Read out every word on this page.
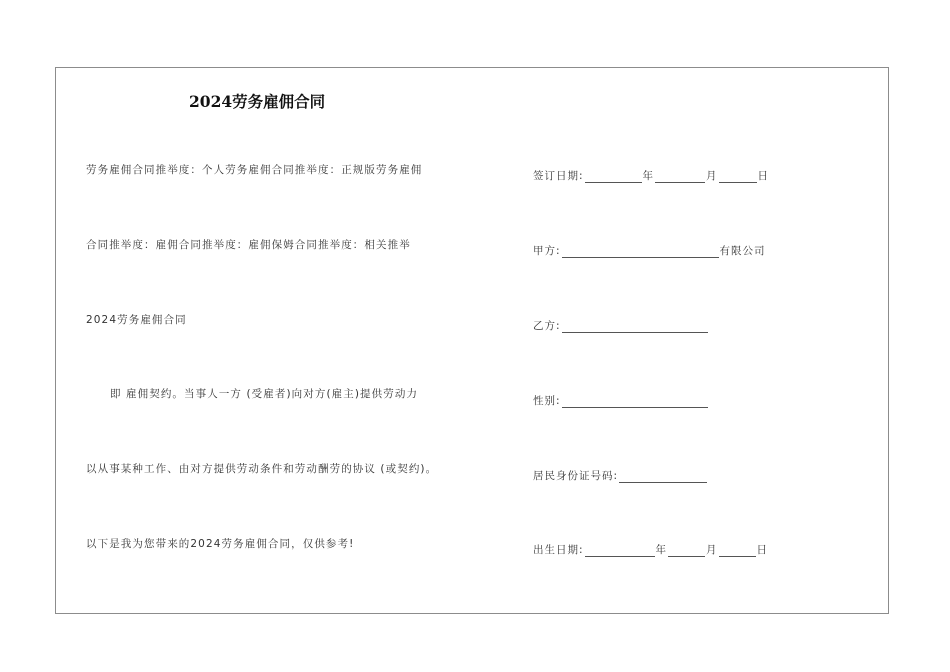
2024劳务雇佣合同
劳务雇佣合同推举度：个人劳务雇佣合同推举度：正规版劳务雇佣
合同推举度：雇佣合同推举度：雇佣保姆合同推举度：相关推举
2024劳务雇佣合同
即 雇佣契约。当事人一方 (受雇者)向对方(雇主)提供劳动力
以从事某种工作、由对方提供劳动条件和劳动酬劳的协议 (或契约)。
以下是我为您带来的2024劳务雇佣合同，仅供参考!
签订日期:	年	月	日
甲方:	有限公司
乙方:
性别:
居民身份证号码:
出生日期:	年	月	日
